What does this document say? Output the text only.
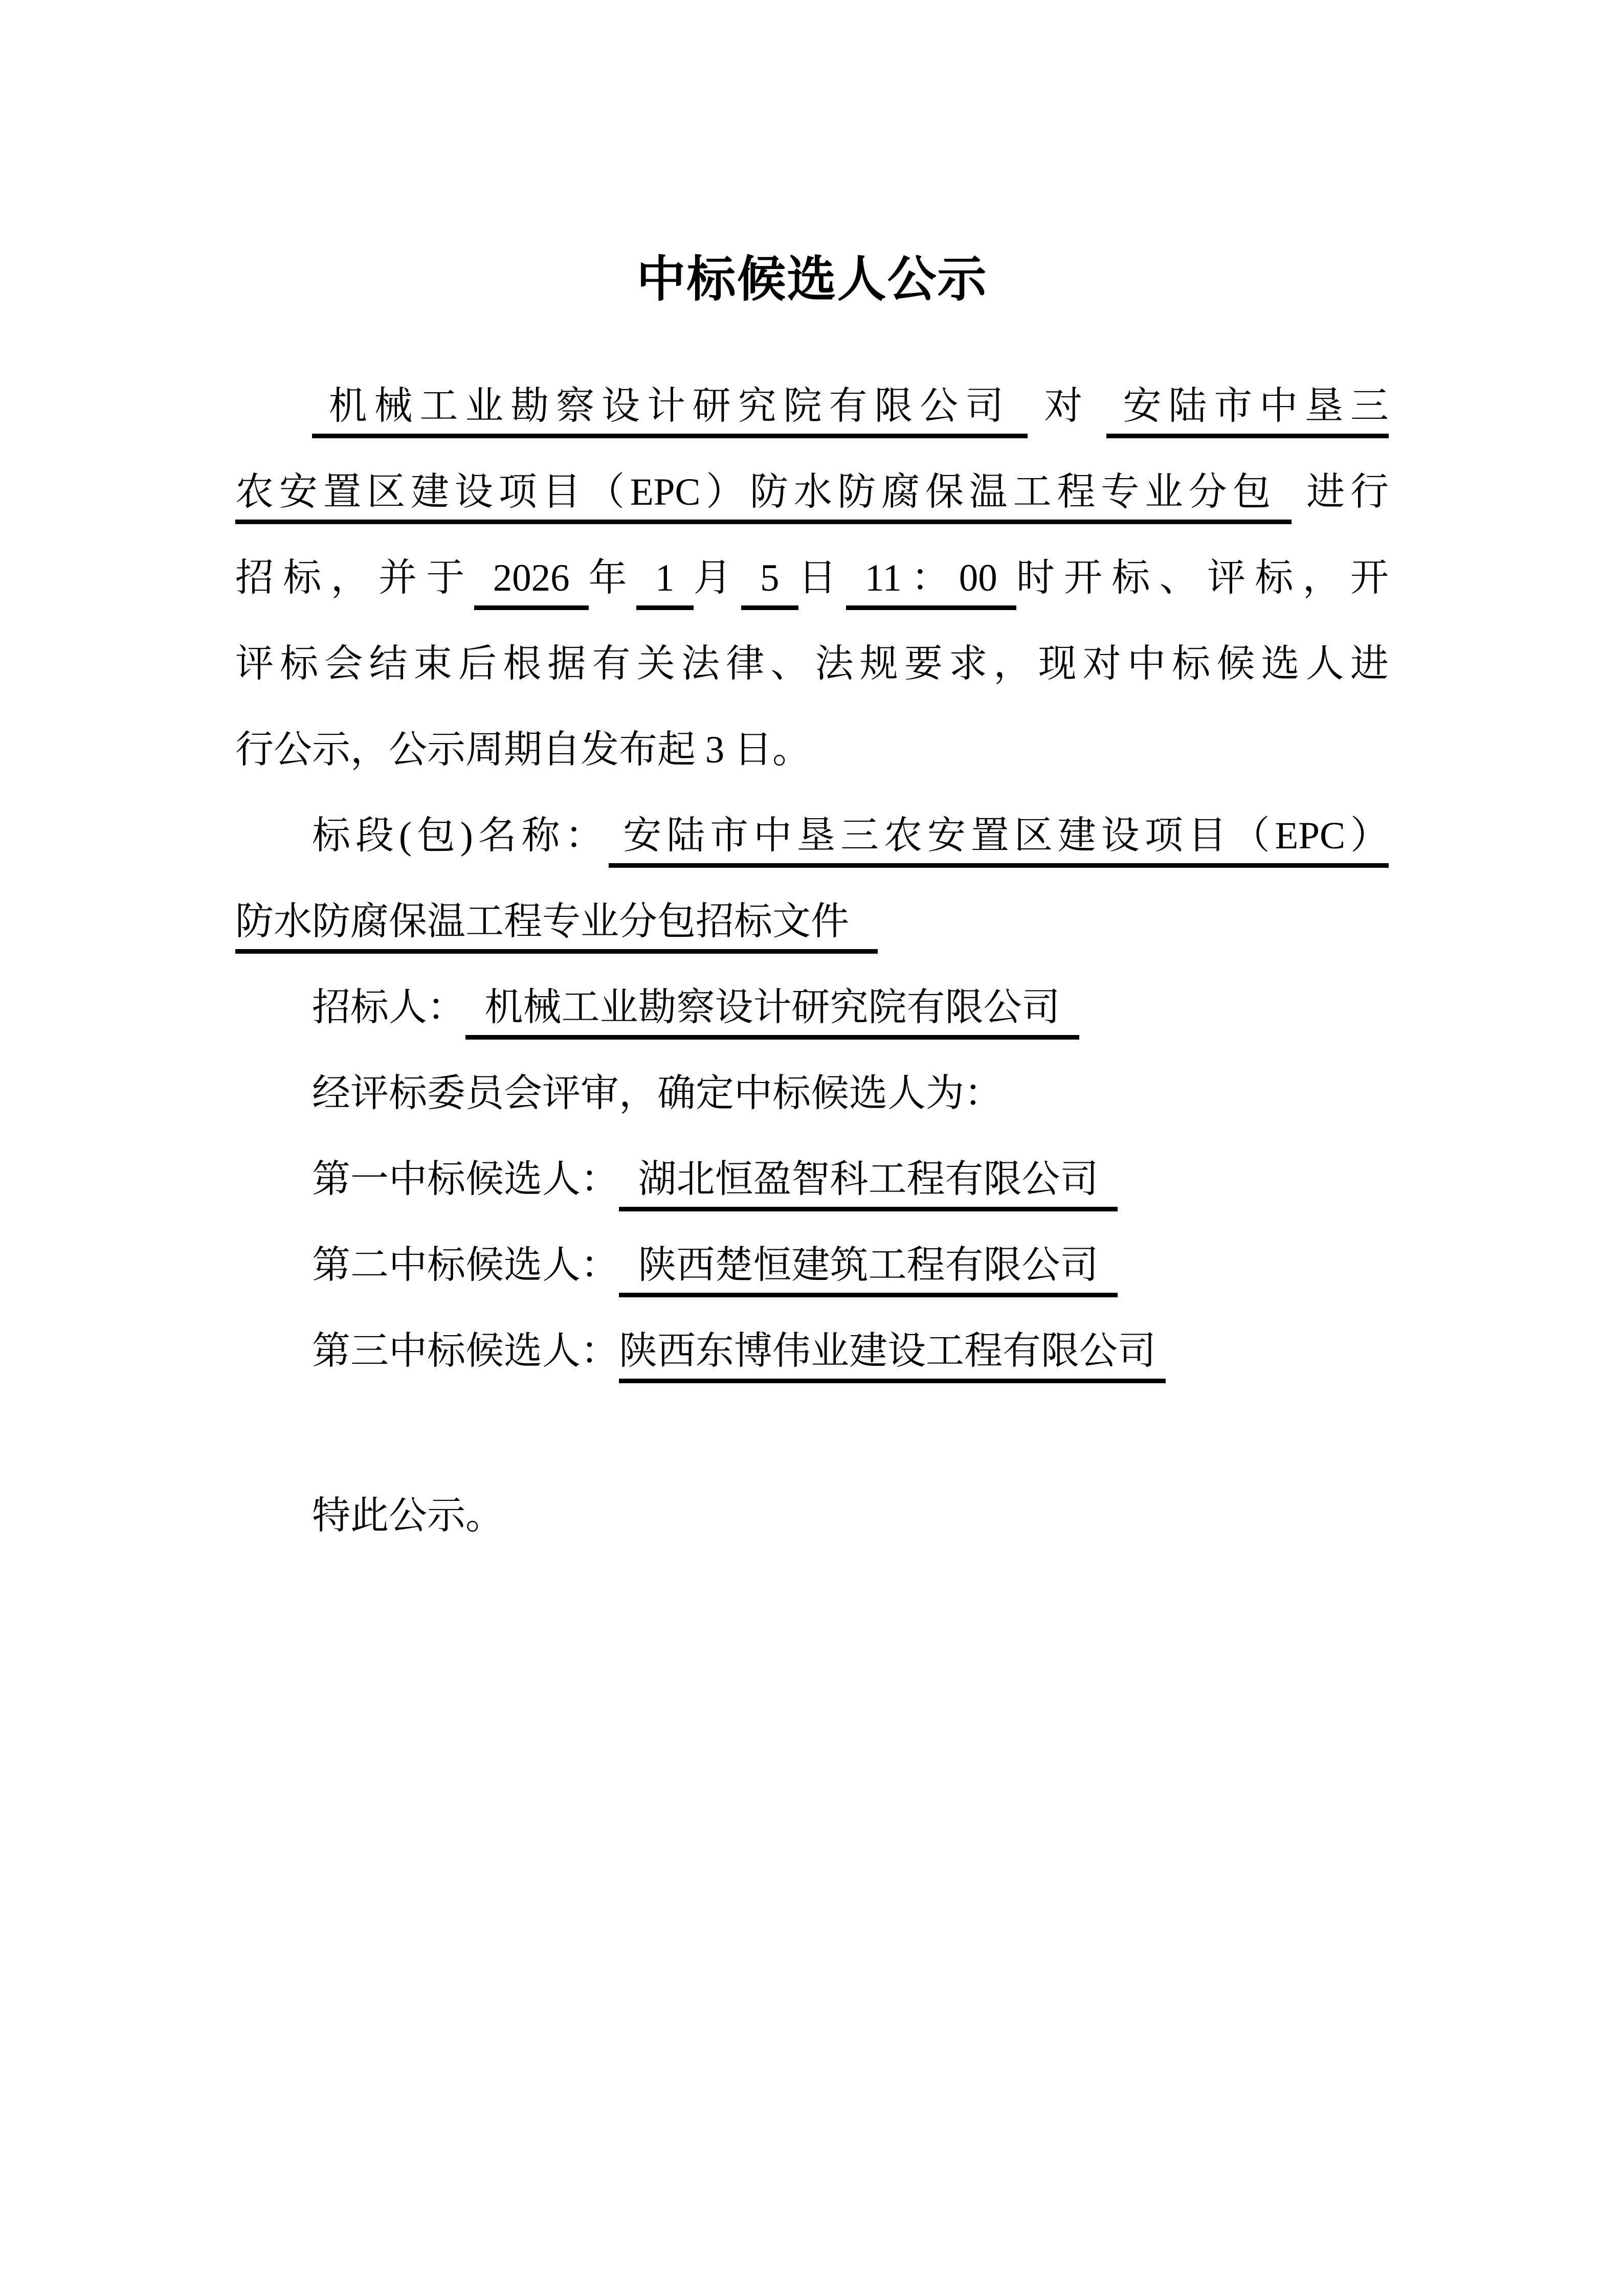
中标候选人公示
机械工业勘察设计研究院有限公司  对  安陆市中垦三
农安置区建设项目（EPC）防水防腐保温工程专业分包  进行
招标，并于 2026 年 1 月 5 日 11：00 时开标、评标，开
评标会结束后根据有关法律、法规要求，现对中标候选人进
行公示，公示周期自发布起 3 日。
标段(包)名称： 安陆市中垦三农安置区建设项目（EPC）
防水防腐保温工程专业分包招标文件
招标人：  机械工业勘察设计研究院有限公司
经评标委员会评审，确定中标候选人为：
第一中标候选人：  湖北恒盈智科工程有限公司
第二中标候选人：  陕西楚恒建筑工程有限公司
第三中标候选人：陕西东博伟业建设工程有限公司
特此公示。
